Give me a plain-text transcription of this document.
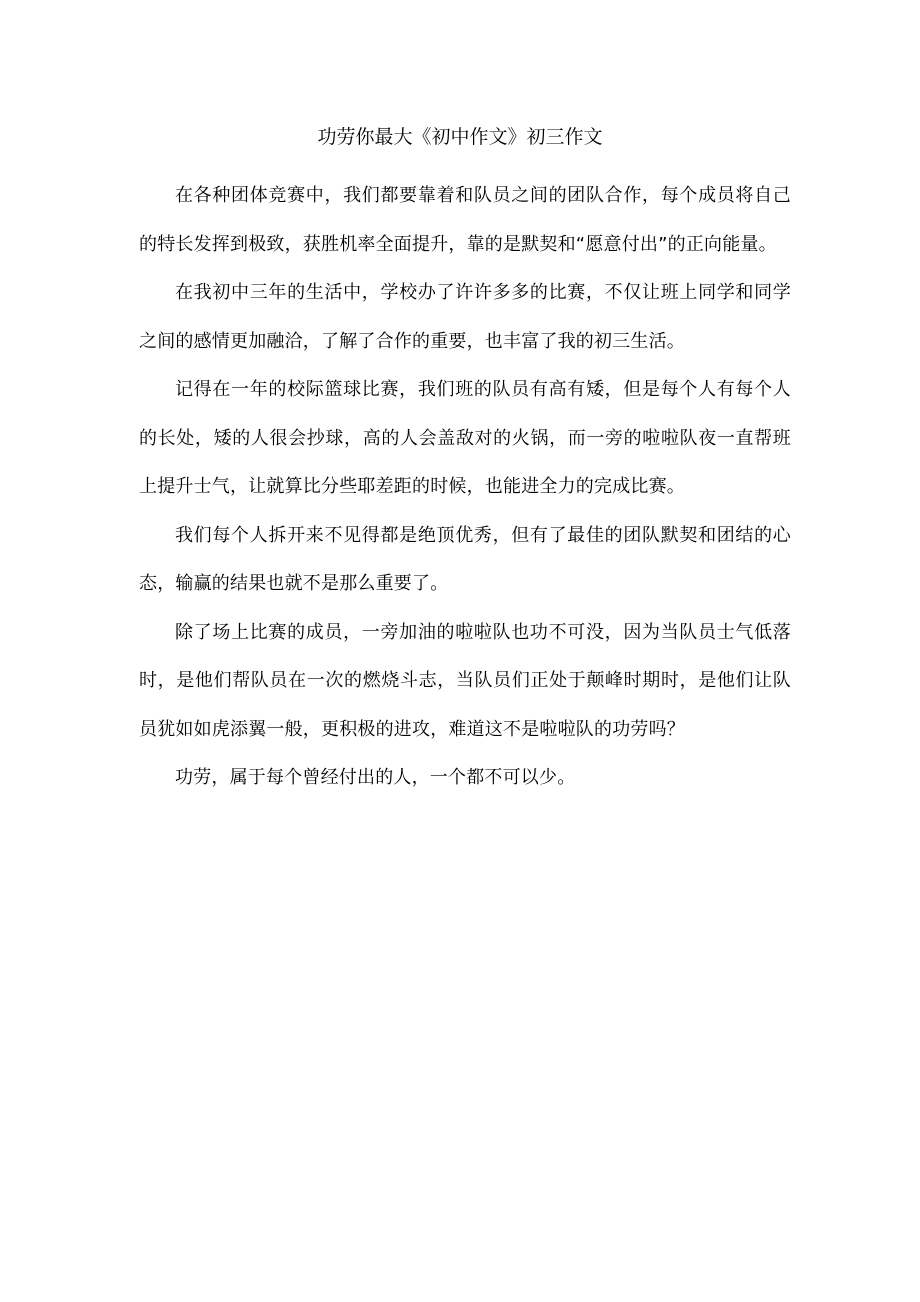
功劳你最大《初中作文》初三作文

在各种团体竞赛中，我们都要靠着和队员之间的团队合作，每个成员将自己的特长发挥到极致，获胜机率全面提升，靠的是默契和“愿意付出”的正向能量。

在我初中三年的生活中，学校办了许许多多的比赛，不仅让班上同学和同学之间的感情更加融洽，了解了合作的重要，也丰富了我的初三生活。

记得在一年的校际篮球比赛，我们班的队员有高有矮，但是每个人有每个人的长处，矮的人很会抄球，高的人会盖敌对的火锅，而一旁的啦啦队夜一直帮班上提升士气，让就算比分些耶差距的时候，也能进全力的完成比赛。

我们每个人拆开来不见得都是绝顶优秀，但有了最佳的团队默契和团结的心态，输赢的结果也就不是那么重要了。

除了场上比赛的成员，一旁加油的啦啦队也功不可没，因为当队员士气低落时，是他们帮队员在一次的燃烧斗志，当队员们正处于颠峰时期时，是他们让队员犹如如虎添翼一般，更积极的进攻，难道这不是啦啦队的功劳吗？

功劳，属于每个曾经付出的人，一个都不可以少。
